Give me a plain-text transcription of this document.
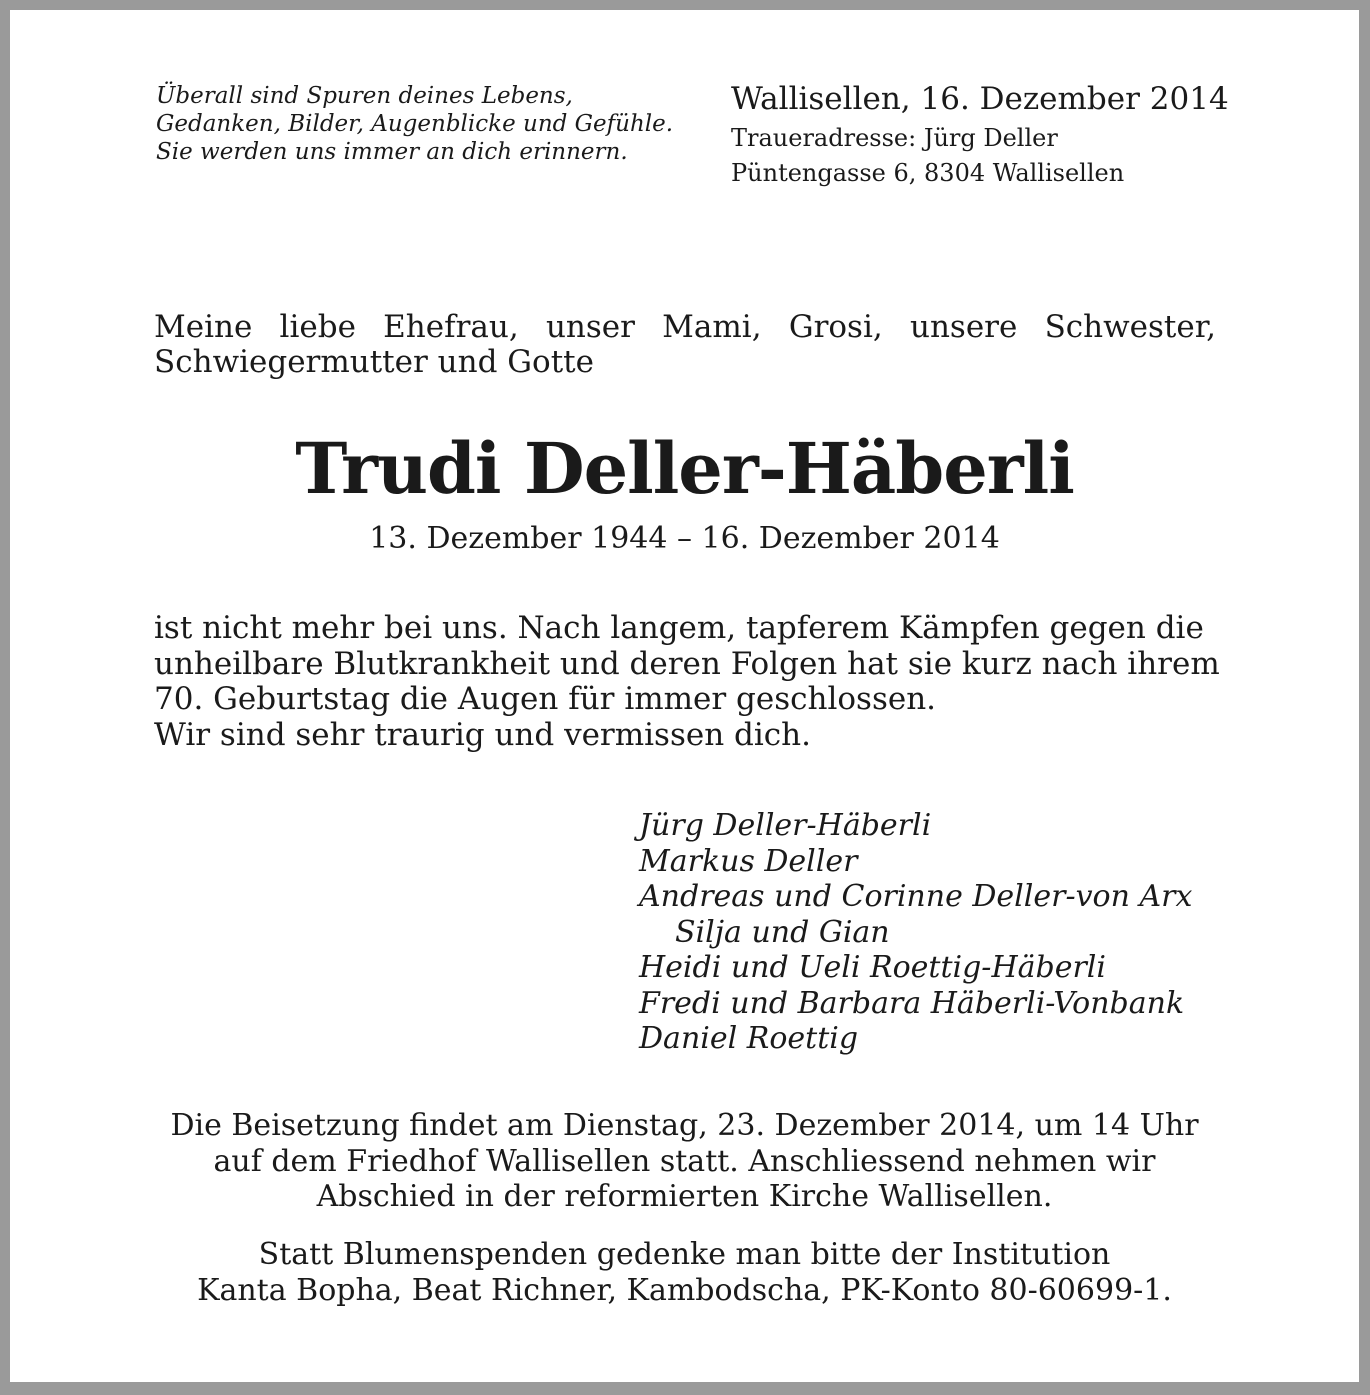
Überall sind Spuren deines Lebens,
Gedanken, Bilder, Augenblicke und Gefühle.
Sie werden uns immer an dich erinnern.
Wallisellen, 16. Dezember 2014
Traueradresse: Jürg Deller
Püntengasse 6, 8304 Wallisellen
Meine liebe Ehefrau, unser Mami, Grosi, unsere Schwester,
Schwiegermutter und Gotte
Trudi Deller-Häberli
13. Dezember 1944 – 16. Dezember 2014
ist nicht mehr bei uns. Nach langem, tapferem Kämpfen gegen die
unheilbare Blutkrankheit und deren Folgen hat sie kurz nach ihrem
70. Geburtstag die Augen für immer geschlossen.
Wir sind sehr traurig und vermissen dich.
Jürg Deller-Häberli
Markus Deller
Andreas und Corinne Deller-von Arx
Silja und Gian
Heidi und Ueli Roettig-Häberli
Fredi und Barbara Häberli-Vonbank
Daniel Roettig
Die Beisetzung findet am Dienstag, 23. Dezember 2014, um 14 Uhr
auf dem Friedhof Wallisellen statt. Anschliessend nehmen wir
Abschied in der reformierten Kirche Wallisellen.
Statt Blumenspenden gedenke man bitte der Institution
Kanta Bopha, Beat Richner, Kambodscha, PK-Konto 80-60699-1.
